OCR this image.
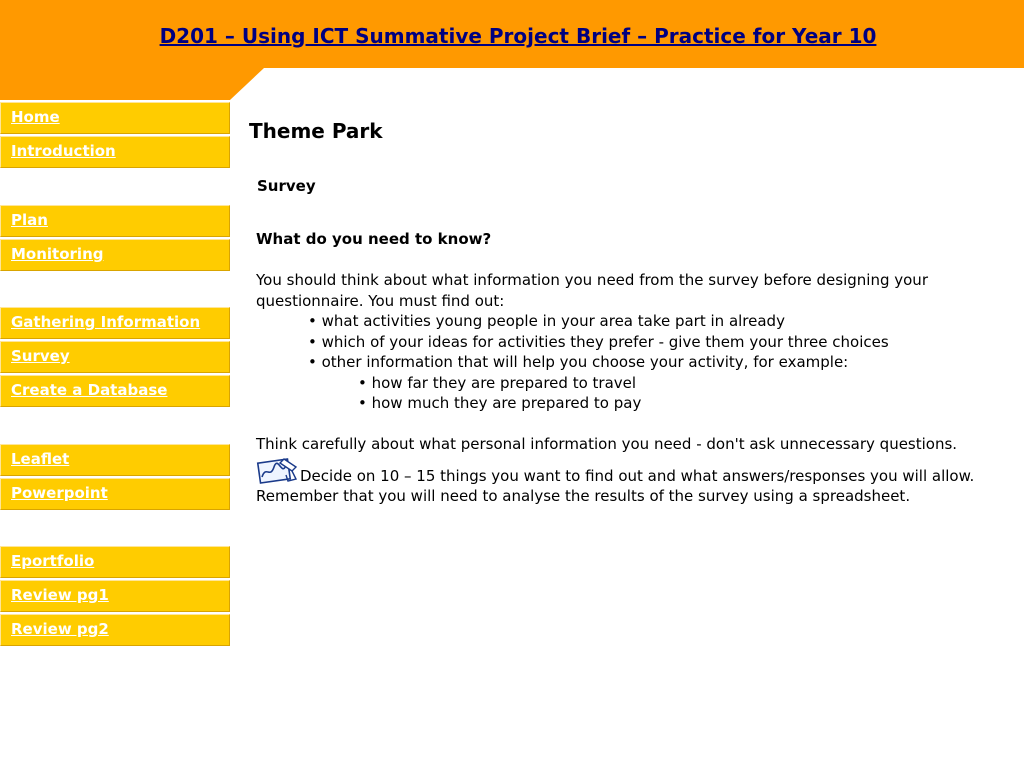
D201 – Using ICT Summative Project Brief – Practice for Year 10
Home
Introduction
Plan
Monitoring
Gathering Information
Survey
Create a Database
Leaflet
Powerpoint
Eportfolio
Review pg1
Review pg2
Theme Park
Survey
What do you need to know?
You should think about what information you need from the survey before designing your questionnaire. You must find out:
• what activities young people in your area take part in already
• which of your ideas for activities they prefer - give them your three choices
• other information that will help you choose your activity, for example:
• how far they are prepared to travel
• how much they are prepared to pay
Think carefully about what personal information you need - don't ask unnecessary questions.
Decide on 10 – 15 things you want to find out and what answers/responses you will allow. Remember that you will need to analyse the results of the survey using a spreadsheet.
